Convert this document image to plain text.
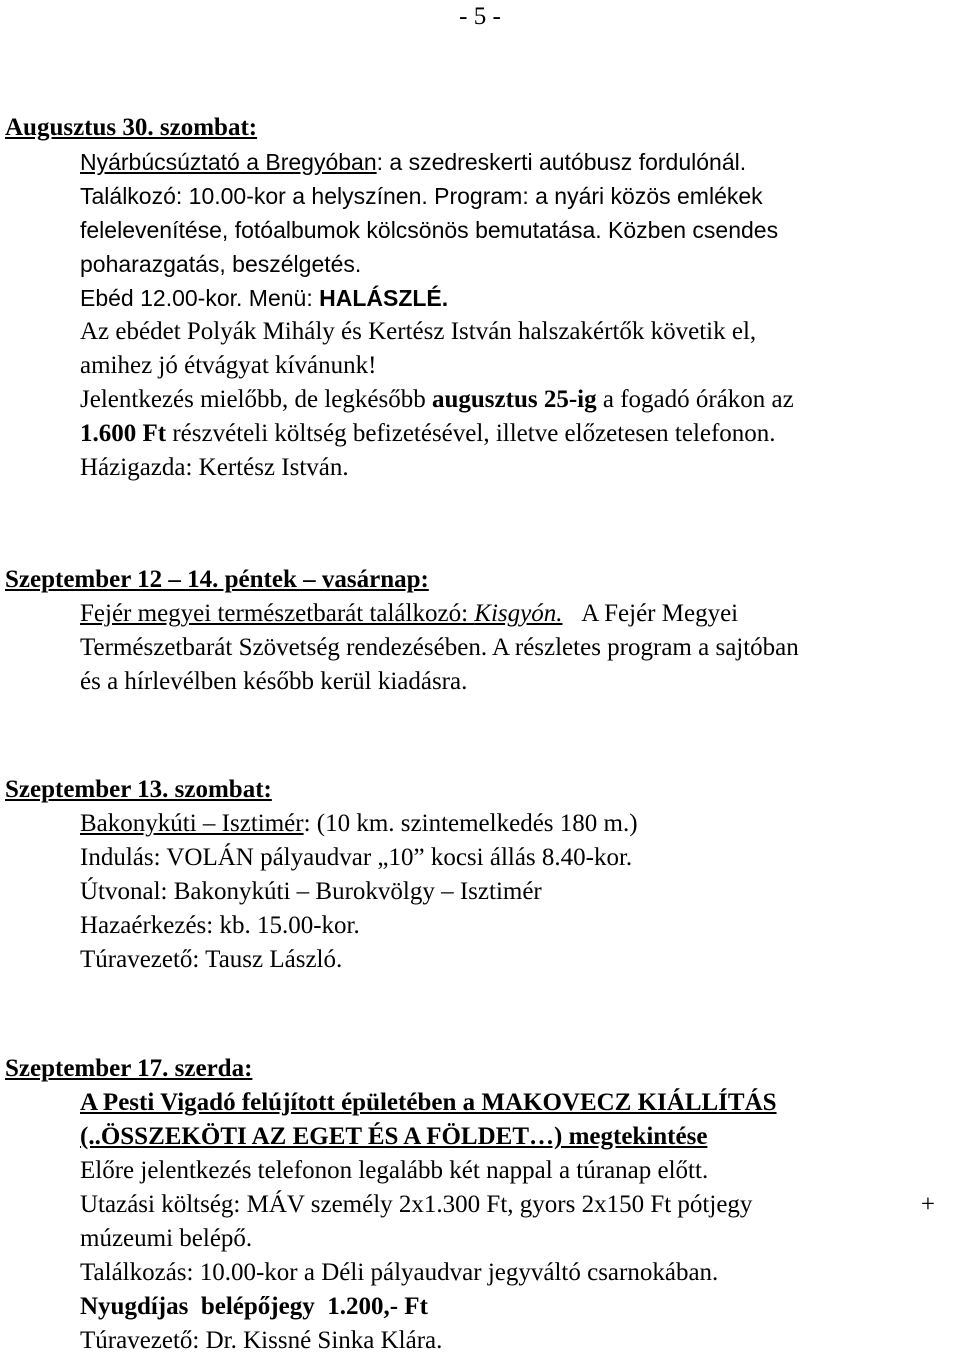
- 5 -
Augusztus 30. szombat:
Nyárbúcsúztató a Bregyóban: a szedreskerti autóbusz fordulónál.
Találkozó: 10.00-kor a helyszínen. Program: a nyári közös emlékek
felelevenítése, fotóalbumok kölcsönös bemutatása. Közben csendes
poharazgatás, beszélgetés.
Ebéd 12.00-kor. Menü: HALÁSZLÉ.
Az ebédet Polyák Mihály és Kertész István halszakértők követik el,
amihez jó étvágyat kívánunk!
Jelentkezés mielőbb, de legkésőbb augusztus 25-ig a fogadó órákon az
1.600 Ft részvételi költség befizetésével, illetve előzetesen telefonon.
Házigazda: Kertész István.
Szeptember 12 – 14. péntek – vasárnap:
Fejér megyei természetbarát találkozó: Kisgyón. A Fejér Megyei
Természetbarát Szövetség rendezésében. A részletes program a sajtóban
és a hírlevélben később kerül kiadásra.
Szeptember 13. szombat:
Bakonykúti – Isztimér: (10 km. szintemelkedés 180 m.)
Indulás: VOLÁN pályaudvar „10” kocsi állás 8.40-kor.
Útvonal: Bakonykúti – Burokvölgy – Isztimér
Hazaérkezés: kb. 15.00-kor.
Túravezető: Tausz László.
Szeptember 17. szerda:
A Pesti Vigadó felújított épületében a MAKOVECZ KIÁLLÍTÁS
(..ÖSSZEKÖTI AZ EGET ÉS A FÖLDET…) megtekintése
Előre jelentkezés telefonon legalább két nappal a túranap előtt.
Utazási költség: MÁV személy 2x1.300 Ft, gyors 2x150 Ft pótjegy	+
múzeumi belépő.
Találkozás: 10.00-kor a Déli pályaudvar jegyváltó csarnokában.
Nyugdíjas  belépőjegy  1.200,- Ft
Túravezető: Dr. Kissné Sinka Klára.
